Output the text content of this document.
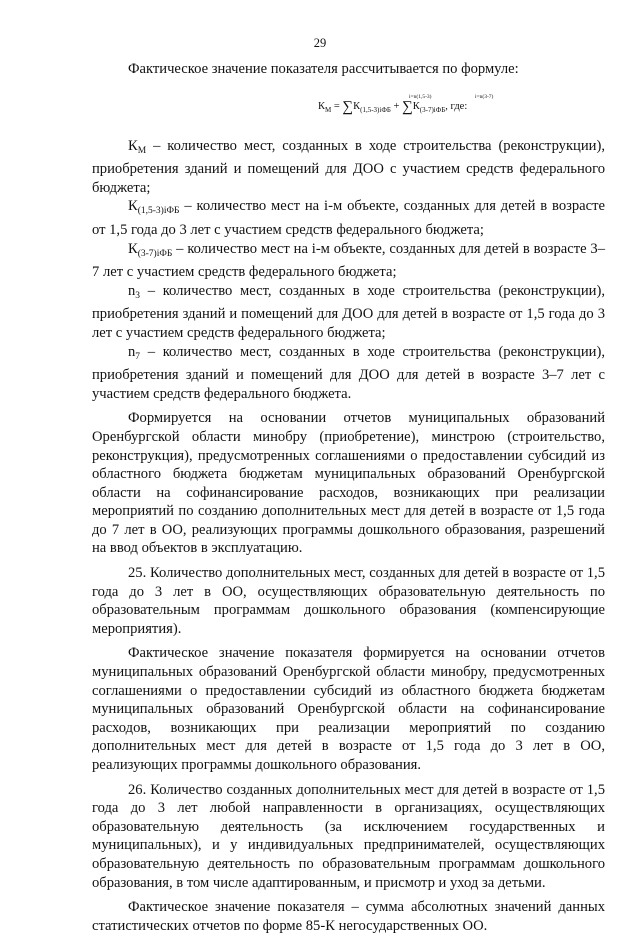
29

Фактическое значение показателя рассчитывается по формуле:

i=n(1,5-3)	i=n(3-7)
$К_М = \sum К_{(1,5-3)iФБ} + \sum К_{(3-7)iФБ}$, где:

$К_М$ – количество мест, созданных в ходе строительства (реконструкции), приобретения зданий и помещений для ДОО с участием средств федерального бюджета;

$К_{(1,5-3)iФБ}$ – количество мест на i-м объекте, созданных для детей в возрасте от 1,5 года до 3 лет с участием средств федерального бюджета;

$К_{(3-7)iФБ}$ – количество мест на i-м объекте, созданных для детей в возрасте 3–7 лет с участием средств федерального бюджета;

$n_3$ – количество мест, созданных в ходе строительства (реконструкции), приобретения зданий и помещений для ДОО для детей в возрасте от 1,5 года до 3 лет с участием средств федерального бюджета;

$n_7$ – количество мест, созданных в ходе строительства (реконструкции), приобретения зданий и помещений для ДОО для детей в возрасте 3–7 лет с участием средств федерального бюджета.

Формируется на основании отчетов муниципальных образований Оренбургской области минобру (приобретение), минстрою (строительство, реконструкция), предусмотренных соглашениями о предоставлении субсидий из областного бюджета бюджетам муниципальных образований Оренбургской области на софинансирование расходов, возникающих при реализации мероприятий по созданию дополнительных мест для детей в возрасте от 1,5 года до 7 лет в ОО, реализующих программы дошкольного образования, разрешений на ввод объектов в эксплуатацию.

25. Количество дополнительных мест, созданных для детей в возрасте от 1,5 года до 3 лет в ОО, осуществляющих образовательную деятельность по образовательным программам дошкольного образования (компенсирующие мероприятия).

Фактическое значение показателя формируется на основании отчетов муниципальных образований Оренбургской области минобру, предусмотренных соглашениями о предоставлении субсидий из областного бюджета бюджетам муниципальных образований Оренбургской области на софинансирование расходов, возникающих при реализации мероприятий по созданию дополнительных мест для детей в возрасте от 1,5 года до 3 лет в ОО, реализующих программы дошкольного образования.

26. Количество созданных дополнительных мест для детей в возрасте от 1,5 года до 3 лет любой направленности в организациях, осуществляющих образовательную деятельность (за исключением государственных и муниципальных), и у индивидуальных предпринимателей, осуществляющих образовательную деятельность по образовательным программам дошкольного образования, в том числе адаптированным, и присмотр и уход за детьми.

Фактическое значение показателя – сумма абсолютных значений данных статистических отчетов по форме 85-К негосударственных ОО.
